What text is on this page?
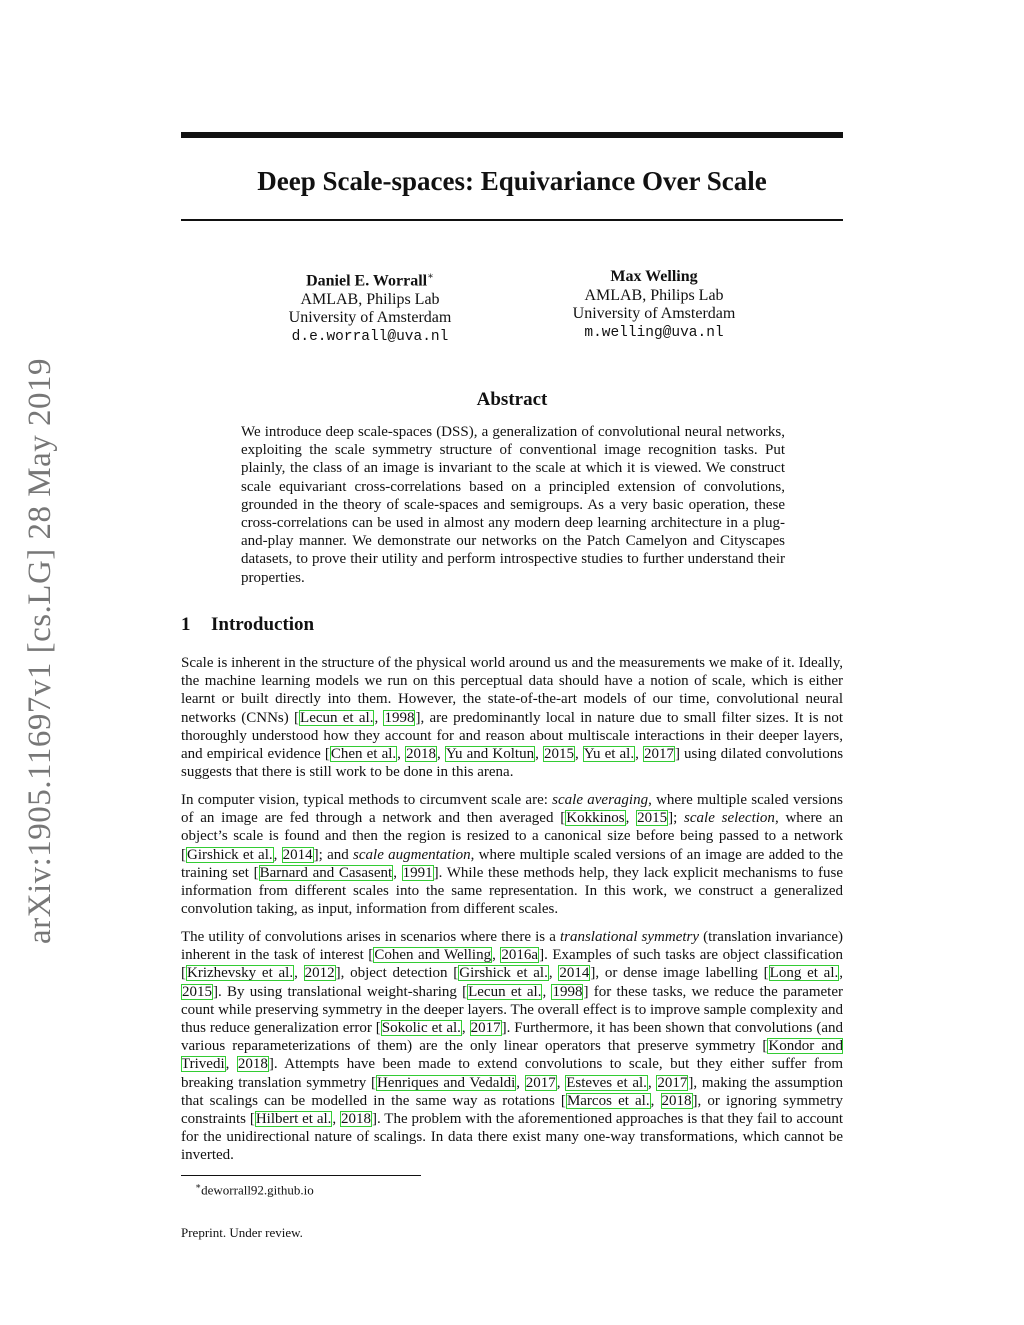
arXiv:1905.11697v1 [cs.LG] 28 May 2019
Deep Scale-spaces: Equivariance Over Scale
Daniel E. Worrall∗
AMLAB, Philips Lab
University of Amsterdam
d.e.worrall@uva.nl
Max Welling
AMLAB, Philips Lab
University of Amsterdam
m.welling@uva.nl
Abstract

We introduce deep scale-spaces (DSS), a generalization of convolutional neural networks, exploiting the scale symmetry structure of conventional image recognition tasks. Put plainly, the class of an image is invariant to the scale at which it is viewed. We construct scale equivariant cross-correlations based on a principled extension of convolutions, grounded in the theory of scale-spaces and semigroups. As a very basic operation, these cross-correlations can be used in almost any modern deep learning architecture in a plug-and-play manner. We demonstrate our networks on the Patch Camelyon and Cityscapes datasets, to prove their utility and perform introspective studies to further understand their properties.

1 Introduction

Scale is inherent in the structure of the physical world around us and the measurements we make of it. Ideally, the machine learning models we run on this perceptual data should have a notion of scale, which is either learnt or built directly into them. However, the state-of-the-art models of our time, convolutional neural networks (CNNs) [Lecun et al., 1998], are predominantly local in nature due to small filter sizes. It is not thoroughly understood how they account for and reason about multiscale interactions in their deeper layers, and empirical evidence [Chen et al., 2018, Yu and Koltun, 2015, Yu et al., 2017] using dilated convolutions suggests that there is still work to be done in this arena.

In computer vision, typical methods to circumvent scale are: scale averaging, where multiple scaled versions of an image are fed through a network and then averaged [Kokkinos, 2015]; scale selection, where an object’s scale is found and then the region is resized to a canonical size before being passed to a network [Girshick et al., 2014]; and scale augmentation, where multiple scaled versions of an image are added to the training set [Barnard and Casasent, 1991]. While these methods help, they lack explicit mechanisms to fuse information from different scales into the same representation. In this work, we construct a generalized convolution taking, as input, information from different scales.

The utility of convolutions arises in scenarios where there is a translational symmetry (translation invariance) inherent in the task of interest [Cohen and Welling, 2016a]. Examples of such tasks are object classification [Krizhevsky et al., 2012], object detection [Girshick et al., 2014], or dense image labelling [Long et al., 2015]. By using translational weight-sharing [Lecun et al., 1998] for these tasks, we reduce the parameter count while preserving symmetry in the deeper layers. The overall effect is to improve sample complexity and thus reduce generalization error [Sokolic et al., 2017]. Furthermore, it has been shown that convolutions (and various reparameterizations of them) are the only linear operators that preserve symmetry [Kondor and Trivedi, 2018]. Attempts have been made to extend convolutions to scale, but they either suffer from breaking translation symmetry [Henriques and Vedaldi, 2017, Esteves et al., 2017], making the assumption that scalings can be modelled in the same way as rotations [Marcos et al., 2018], or ignoring symmetry constraints [Hilbert et al., 2018]. The problem with the aforementioned approaches is that they fail to account for the unidirectional nature of scalings. In data there exist many one-way transformations, which cannot be inverted.

∗deworrall92.github.io
Preprint. Under review.
